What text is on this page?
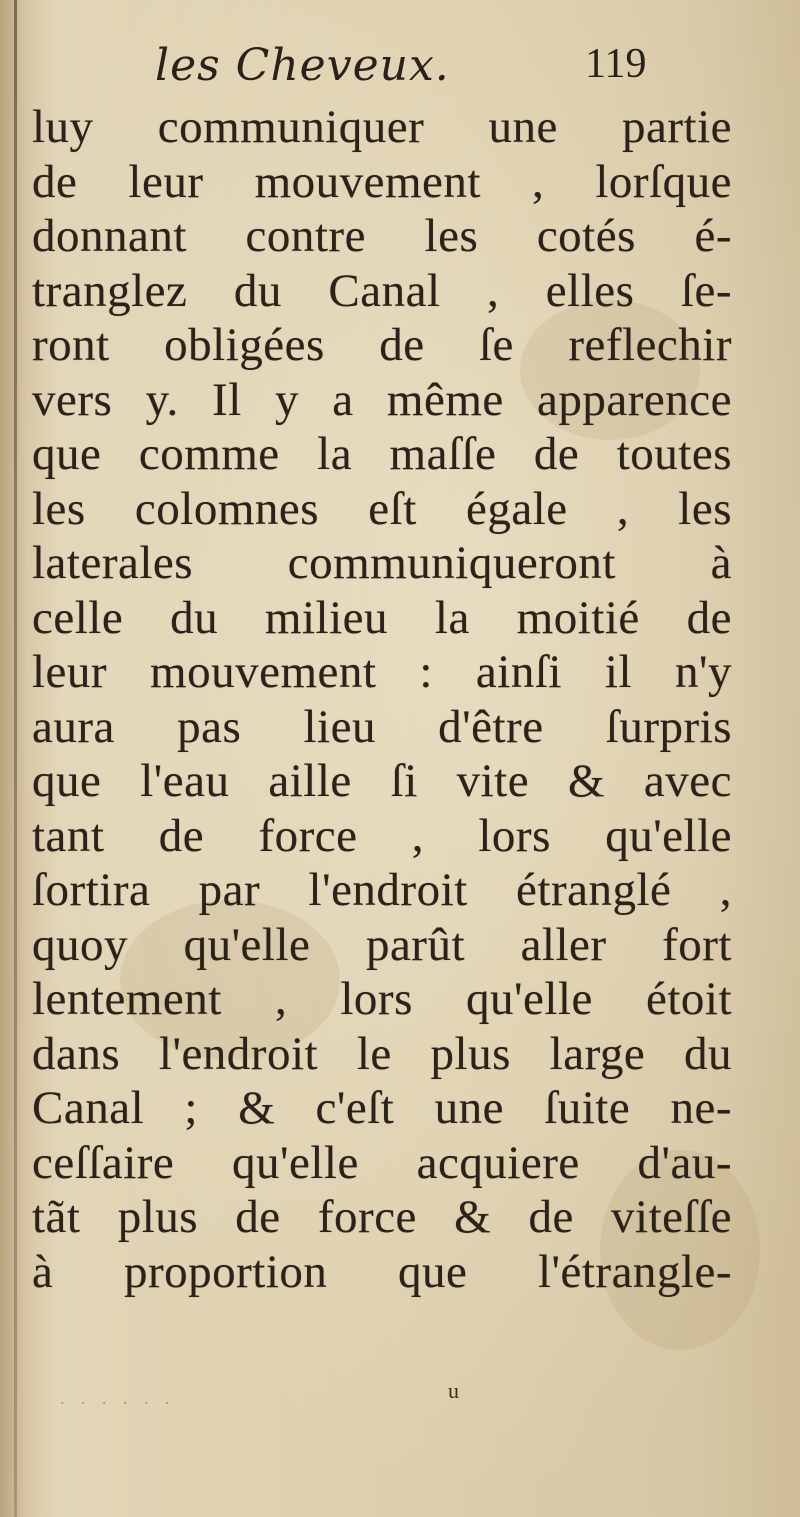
les Cheveux.	119
luy communiquer une partie
de leur mouvement , lorſque
donnant contre les cotés é-
tranglez du Canal , elles ſe-
ront obligées de ſe reflechir
vers y. Il y a même apparence
que comme la maſſe de toutes
les colomnes eſt égale , les
laterales communiqueront à
celle du milieu la moitié de
leur mouvement : ainſi il n'y
aura pas lieu d'être ſurpris
que l'eau aille ſi vite & avec
tant de force , lors qu'elle
ſortira par l'endroit étranglé ,
quoy qu'elle parût aller fort
lentement , lors qu'elle étoit
dans l'endroit le plus large du
Canal ; & c'eſt une ſuite ne-
ceſſaire qu'elle acquiere d'au-
tãt plus de force & de viteſſe
à proportion que l'étrangle-
. . . . . .	u
